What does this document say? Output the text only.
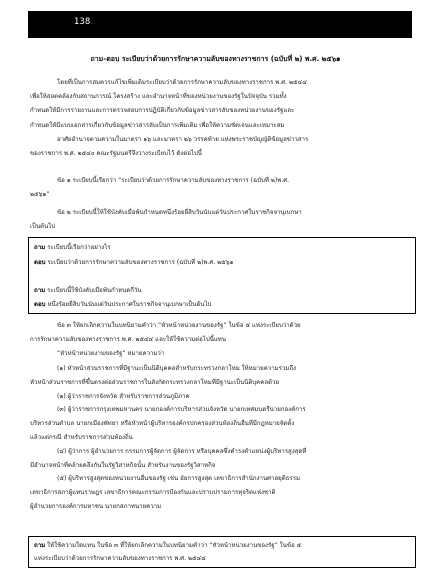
138
ถาม-ตอบ ระเบียบว่าด้วยการรักษาความลับของทางราชการ (ฉบับที่ ๒) พ.ศ. ๒๕๖๑
โดยที่เป็นการสมควรแก้ไขเพิ่มเติมระเบียบว่าด้วยการรักษาความลับของทางราชการ พ.ศ. ๒๕๔๔
เพื่อให้สอดคล้องกับสถานการณ์ โครงสร้าง และอำนาจหน้าที่ของหน่วยงานของรัฐในปัจจุบัน รวมทั้ง
กำหนดให้มีการรายงานและการตรวจสอบการปฏิบัติเกี่ยวกับข้อมูลข่าวสารลับของหน่วยงานของรัฐและ
กำหนดให้มีแบบเอกสารเกี่ยวกับข้อมูลข่าวสารลับเป็นการเพิ่มเติม เพื่อให้ความชัดเจนและเหมาะสม
อาศัยอำนาจตามความในมาตรา ๑๖ และมาตรา ๒๖ วรรคท้าย แห่งพระราชบัญญัติข้อมูลข่าวสาร
ของราชการ พ.ศ. ๒๕๔๐ คณะรัฐมนตรีจึงวางระเบียบไว้ ดังต่อไปนี้
ข้อ ๑ ระเบียบนี้เรียกว่า “ระเบียบว่าด้วยการรักษาความลับของทางราชการ (ฉบับที่ ๒)พ.ศ.
๒๕๖๑”
ข้อ ๒ ระเบียบนี้ให้ใช้บังคับเมื่อพ้นกำหนดหนึ่งร้อยยี่สิบวันนับแต่วันประกาศในราชกิจจานุเบกษา
เป็นต้นไป
ถาม ระเบียบนี้เรียกว่าอย่างไร
ตอบ ระเบียบว่าด้วยการรักษาความลับของทางราชการ (ฉบับที่ ๒)พ.ศ. ๒๕๖๑
ถาม ระเบียบนี้ใช้บังคับเมื่อพ้นกำหนดกี่วัน
ตอบ หนึ่งร้อยยี่สิบวันนับแต่วันประกาศในราชกิจจานุเบกษาเป็นต้นไป
ข้อ ๓ ให้ยกเลิกความในบทนิยามคำว่า “หัวหน้าหน่วยงานของรัฐ” ในข้อ ๕ แห่งระเบียบว่าด้วย
การรักษาความลับของทางราชการ พ.ศ. ๒๕๔๔ และให้ใช้ความต่อไปนี้แทน
“หัวหน้าหน่วยงานของรัฐ” หมายความว่า
(๑) หัวหน้าส่วนราชการที่มีฐานะเป็นนิติบุคคลสำหรับกระทรวงกลาโหม ให้หมายความรวมถึง
หัวหน้าส่วนราชการที่ขึ้นตรงต่อส่วนราชการในสังกัดกระทรวงกลาโหมที่มีฐานะเป็นนิติบุคคลด้วย
(๒) ผู้ว่าราชการจังหวัด สำหรับราชการส่วนภูมิภาค
(๓) ผู้ว่าราชการกรุงเทพมหานคร นายกองค์การบริหารส่วนจังหวัด นายกเทศมนตรีนายกองค์การ
บริหารส่วนตำบล นายกเมืองพัทยา หรือหัวหน้าผู้บริหารองค์กรปกครองส่วนท้องถิ่นอื่นที่มีกฎหมายจัดตั้ง
แล้วแต่กรณี สำหรับราชการส่วนท้องถิ่น
(๔) ผู้ว่าการ ผู้อำนวยการ กรรมการผู้จัดการ ผู้จัดการ หรือบุคคลซึ่งดำรงตำแหน่งผู้บริหารสูงสุดที่
มีอำนาจหน้าที่คล้ายคลึงกันในรัฐวิสาหกิจนั้น สำหรับงานของรัฐวิสาหกิจ
(๕) ผู้บริหารสูงสุดของหน่วยงานอื่นของรัฐ เช่น อัยการสูงสุด เลขาธิการสำนักงานศาลยุติธรรม
เลขาธิการสภาผู้แทนราษฎร เลขาธิการคณะกรรมการป้องกันและปราบปรามการทุจริตแห่งชาติ
ผู้อำนวยการองค์การมหาชน นายกสภาทนายความ
ถาม ให้ใช้ความใดแทน ในข้อ ๓ ที่ให้ยกเลิกความในบทนิยามคำว่า “หัวหน้าหน่วยงานของรัฐ” ในข้อ ๕
แห่งระเบียบว่าด้วยการรักษาความลับของทางราชการ พ.ศ. ๒๕๔๔
